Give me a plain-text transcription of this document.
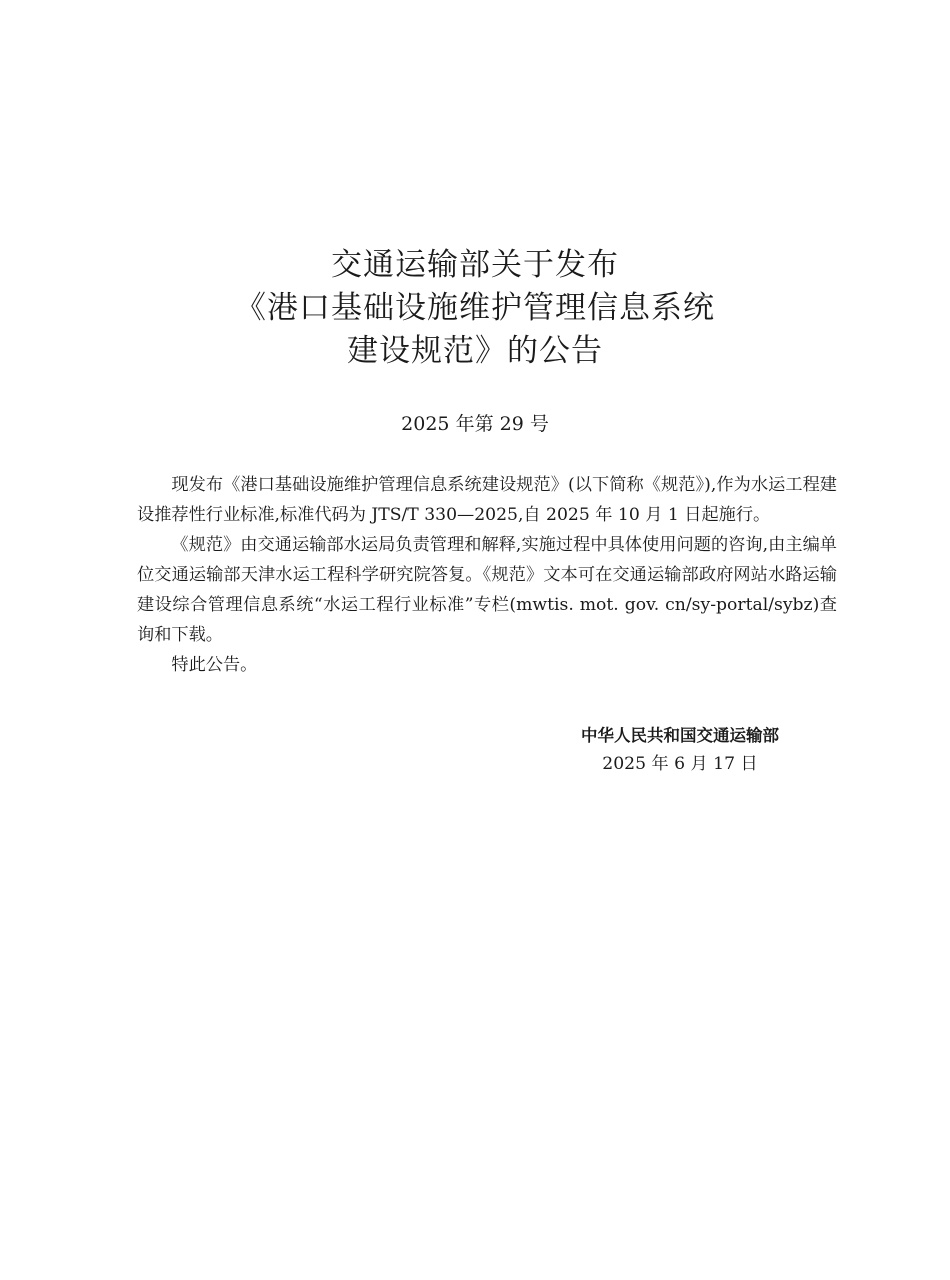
交通运输部关于发布
《港口基础设施维护管理信息系统
建设规范》的公告
2025 年第 29 号

现发布《港口基础设施维护管理信息系统建设规范》(以下简称《规范》),作为水运工程建设推荐性行业标准,标准代码为 JTS/T 330—2025,自 2025 年 10 月 1 日起施行。

《规范》由交通运输部水运局负责管理和解释,实施过程中具体使用问题的咨询,由主编单位交通运输部天津水运工程科学研究院答复。《规范》文本可在交通运输部政府网站水路运输建设综合管理信息系统“水运工程行业标准”专栏(mwtis. mot. gov. cn/sy-portal/sybz)查询和下载。

特此公告。

中华人民共和国交通运输部
2025 年 6 月 17 日
